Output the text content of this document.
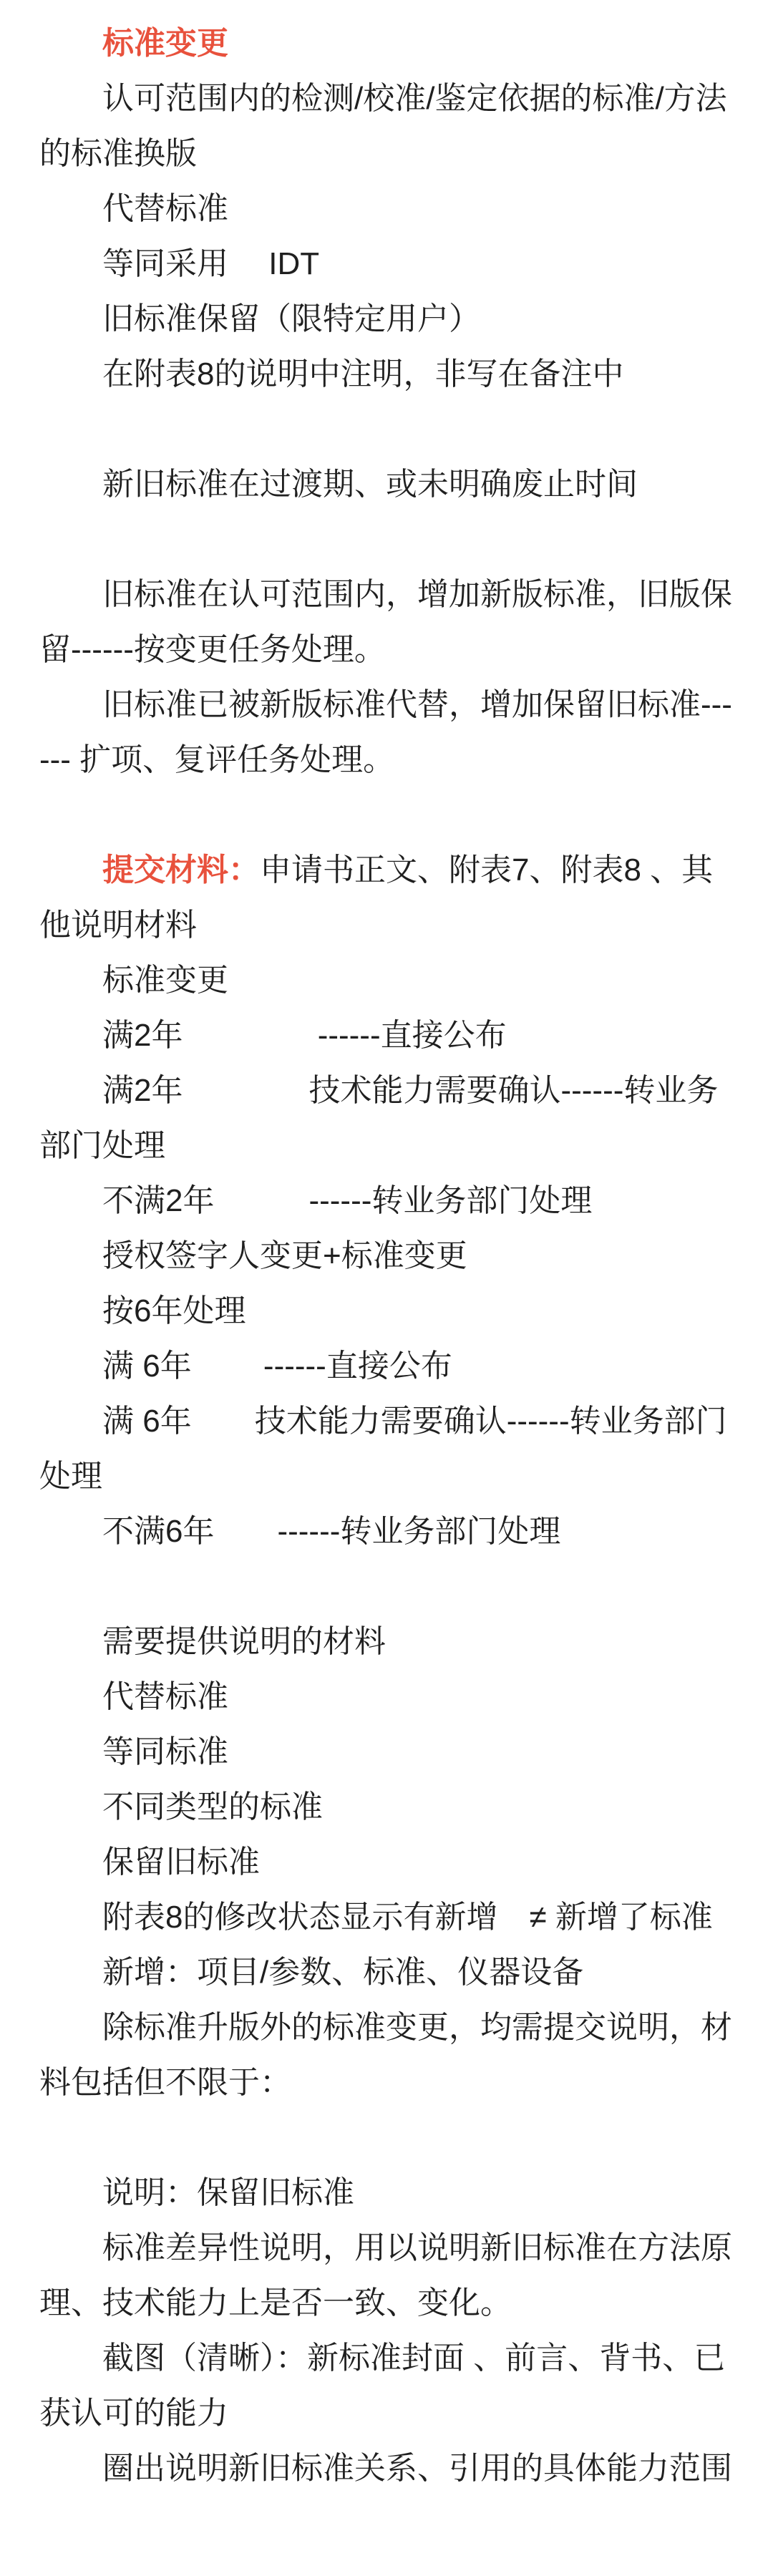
标准变更
认可范围内的检测/校准/鉴定依据的标准/方法的标准换版
代替标准
等同采用　 IDT
旧标准保留（限特定用户）
在附表8的说明中注明，非写在备注中
新旧标准在过渡期、或未明确废止时间
旧标准在认可范围内，增加新版标准，旧版保留------按变更任务处理。
旧标准已被新版标准代替，增加保留旧标准------ 扩项、复评任务处理。
提交材料：申请书正文、附表7、附表8 、其他说明材料
标准变更
满2年　　　　 ------直接公布
满2年　　　　技术能力需要确认------转业务部门处理
不满2年　　　------转业务部门处理
授权签字人变更+标准变更
按6年处理
满 6年　　 ------直接公布
满 6年　　技术能力需要确认------转业务部门处理
不满6年　　------转业务部门处理
需要提供说明的材料
代替标准
等同标准
不同类型的标准
保留旧标准
附表8的修改状态显示有新增　≠ 新增了标准
新增：项目/参数、标准、仪器设备
除标准升版外的标准变更，均需提交说明，材料包括但不限于：
说明：保留旧标准
标准差异性说明，用以说明新旧标准在方法原理、技术能力上是否一致、变化。
截图（清晰）：新标准封面 、前言、背书、已获认可的能力
圈出说明新旧标准关系、引用的具体能力范围
